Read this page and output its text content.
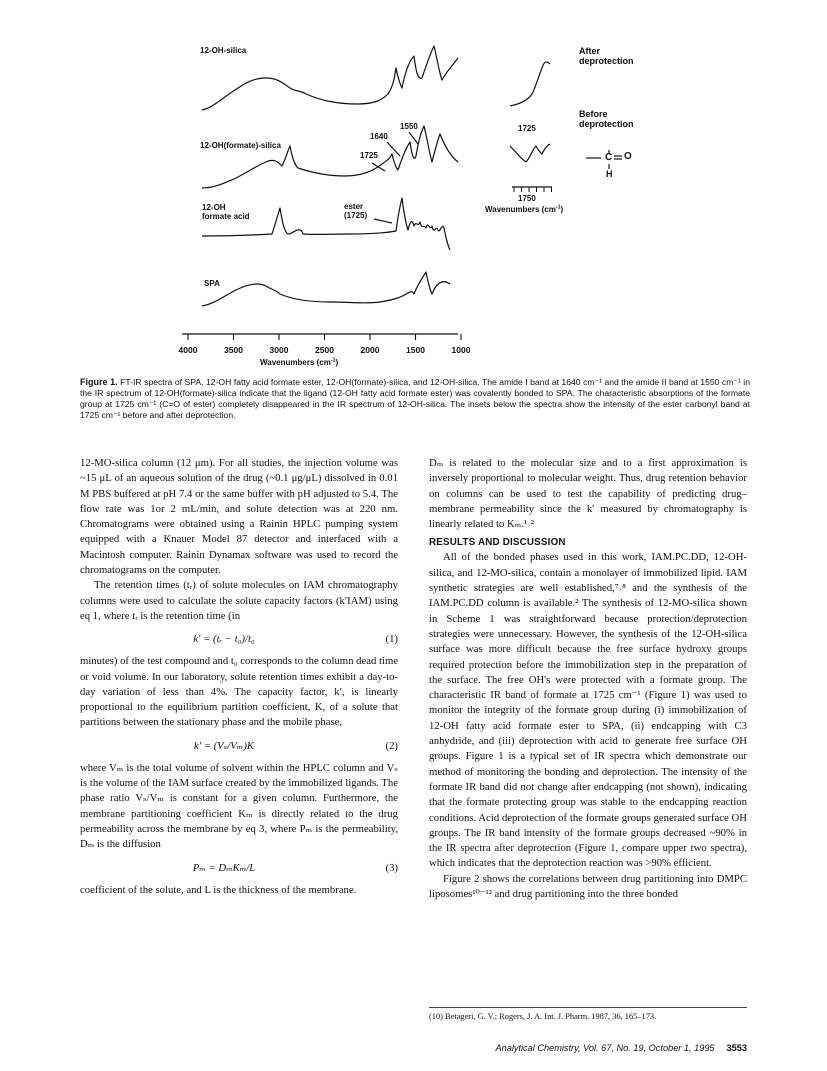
12-OH-silica
12-OH(formate)-silica
12-OH
formate acid
SPA
1550
1640
1725
ester
(1725)
4000	3500	3000	2500	2000	1500	1000
Wavenumbers $(cm^{-1})$
After
deprotection
Before
deprotection
1725
1750
Wavenumbers $(cm^{-1})$
C O
H
Figure 1. FT-IR spectra of SPA, 12-OH fatty acid formate ester, 12-OH(formate)-silica, and 12-OH-silica. The amide I band at 1640 cm⁻¹ and the amide II band at 1550 cm⁻¹ in the IR spectrum of 12-OH(formate)-silica indicate that the ligand (12-OH fatty acid formate ester) was covalently bonded to SPA. The characteristic absorptions of the formate group at 1725 cm⁻¹ (C=O of ester) completely disappeared in the IR spectrum of 12-OH-silica. The insets below the spectra show the intensity of the ester carbonyl band at 1725 cm⁻¹ before and after deprotection.

12-MO-silica column (12 μm). For all studies, the injection volume was ~15 μL of an aqueous solution of the drug (~0.1 μg/μL) dissolved in 0.01 M PBS buffered at pH 7.4 or the same buffer with pH adjusted to 5.4. The flow rate was 1or 2 mL/min, and solute detection was at 220 nm. Chromatograms were obtained using a Rainin HPLC pumping system equipped with a Knauer Model 87 detector and interfaced with a Macintosh computer. Rainin Dynamax software was used to record the chromatograms on the computer.

The retention times (tᵣ) of solute molecules on IAM chromatography columns were used to calculate the solute capacity factors (k′IAM) using eq 1, where tᵣ is the retention time (in

k′ = (tᵣ − t₀)/t₀	(1)

minutes) of the test compound and t₀ corresponds to the column dead time or void volume. In our laboratory, solute retention times exhibit a day-to-day variation of less than 4%. The capacity factor, k′, is linearly proportional to the equilibrium partition coefficient, K, of a solute that partitions between the stationary phase and the mobile phase,

k′ = (Vₛ/Vₘ)K	(2)

where Vₘ is the total volume of solvent within the HPLC column and Vₛ is the volume of the IAM surface created by the immobilized ligands. The phase ratio Vₛ/Vₘ is constant for a given column. Furthermore, the membrane partitioning coefficient Kₘ is directly related to the drug permeability across the membrane by eq 3, where Pₘ is the permeability, Dₘ is the diffusion

Pₘ = DₘKₘ/L	(3)

coefficient of the solute, and L is the thickness of the membrane.

Dₘ is related to the molecular size and to a first approximation is inversely proportional to molecular weight. Thus, drug retention behavior on columns can be used to test the capability of predicting drug–membrane permeability since the k′ measured by chromatography is linearly related to Kₘ.¹˒²

RESULTS AND DISCUSSION

All of the bonded phases used in this work, IAM.PC.DD, 12-OH-silica, and 12-MO-silica, contain a monolayer of immobilized lipid. IAM synthetic strategies are well established,⁷˒⁸ and the synthesis of the IAM.PC.DD column is available.² The synthesis of 12-MO-silica shown in Scheme 1 was straightforward because protection/deprotection strategies were unnecessary. However, the synthesis of the 12-OH-silica surface was more difficult because the free surface hydroxy groups required protection before the immobilization step in the preparation of the surface. The free OH's were protected with a formate group. The characteristic IR band of formate at 1725 cm⁻¹ (Figure 1) was used to monitor the integrity of the formate group during (i) immobilization of 12-OH fatty acid formate ester to SPA, (ii) endcapping with C3 anhydride, and (iii) deprotection with acid to generate free surface OH groups. Figure 1 is a typical set of IR spectra which demonstrate our method of monitoring the bonding and deprotection. The intensity of the formate IR band did not change after endcapping (not shown), indicating that the formate protecting group was stable to the endcapping reaction conditions. Acid deprotection of the formate groups generated surface OH groups. The IR band intensity of the formate groups decreased ~90% in the IR spectra after deprotection (Figure 1, compare upper two spectra), which indicates that the deprotection reaction was >90% efficient.

Figure 2 shows the correlations between drug partitioning into DMPC liposomes¹⁰⁻¹² and drug partitioning into the three bonded

(10) Betageri, G. V.; Rogers, J. A. Int. J. Pharm. 1987, 36, 165–173.
Analytical Chemistry, Vol. 67, No. 19, October 1, 1995 3553
